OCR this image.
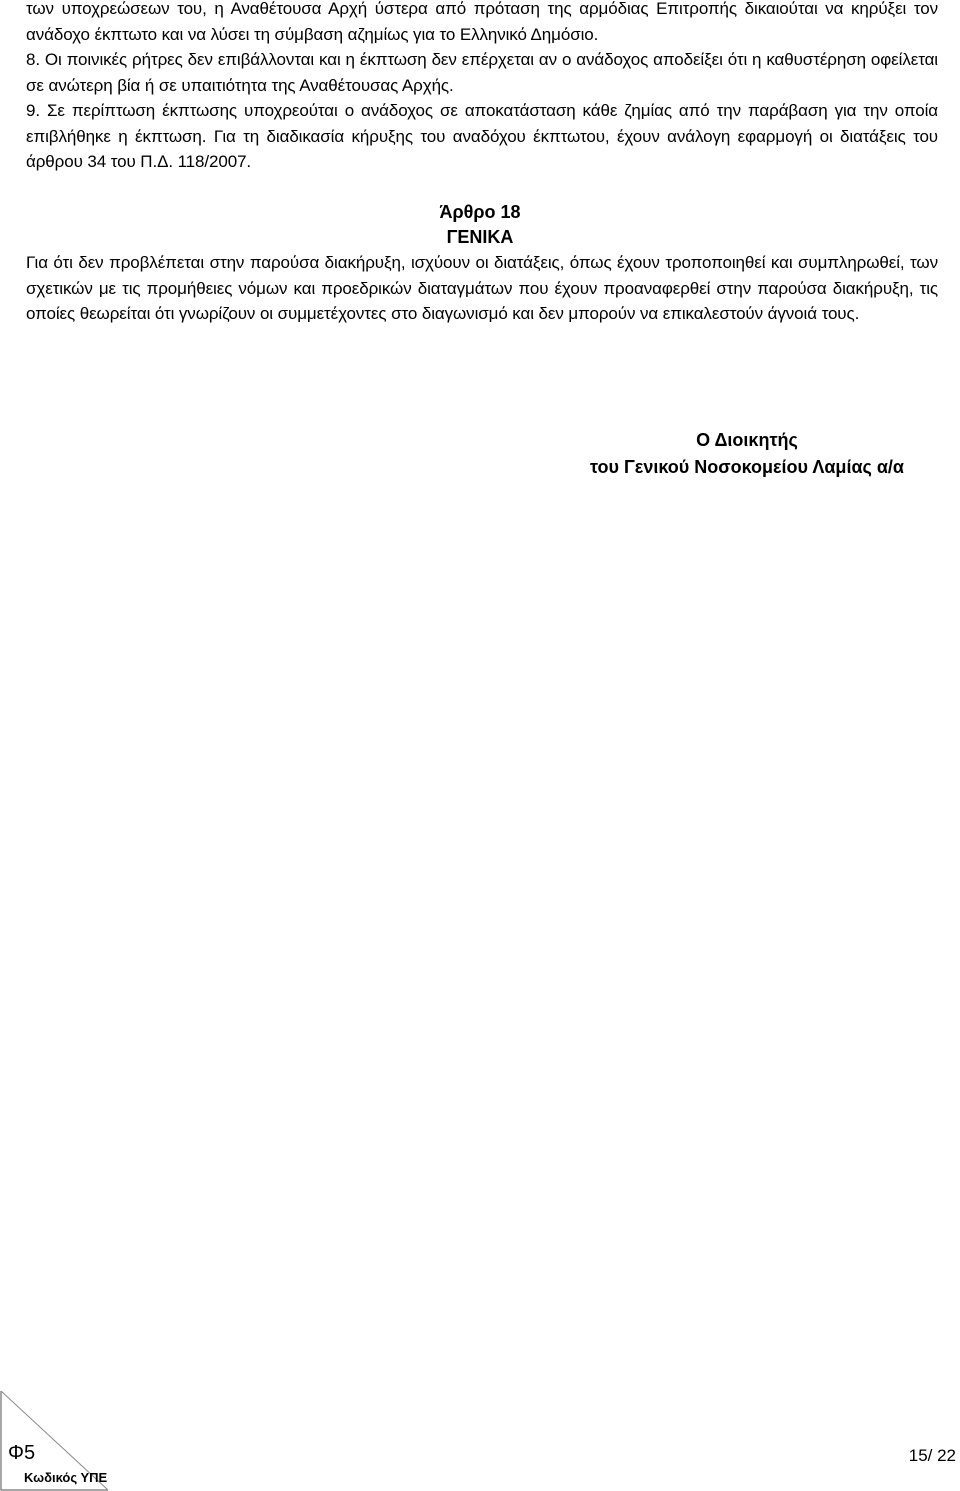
των υποχρεώσεων του, η Αναθέτουσα Αρχή ύστερα από πρόταση της αρμόδιας Επιτροπής δικαιούται να κηρύξει τον ανάδοχο έκπτωτο και να λύσει τη σύμβαση αζημίως για το Ελληνικό Δημόσιο.

8. Οι ποινικές ρήτρες δεν επιβάλλονται και η έκπτωση δεν επέρχεται αν ο ανάδοχος αποδείξει ότι η καθυστέρηση οφείλεται σε ανώτερη βία ή σε υπαιτιότητα της Αναθέτουσας Αρχής.

9. Σε περίπτωση έκπτωσης υποχρεούται ο ανάδοχος σε αποκατάσταση κάθε ζημίας από την παράβαση για την οποία επιβλήθηκε η έκπτωση. Για τη διαδικασία κήρυξης του αναδόχου έκπτωτου, έχουν ανάλογη εφαρμογή οι διατάξεις του άρθρου 34 του Π.Δ. 118/2007.

Άρθρο 18
ΓΕΝΙΚΑ

Για ότι δεν προβλέπεται στην παρούσα διακήρυξη, ισχύουν οι διατάξεις, όπως έχουν τροποποιηθεί και συμπληρωθεί, των σχετικών με τις προμήθειες νόμων και προεδρικών διαταγμάτων που έχουν προαναφερθεί στην παρούσα διακήρυξη, τις οποίες θεωρείται ότι γνωρίζουν οι συμμετέχοντες στο διαγωνισμό και δεν μπορούν να επικαλεστούν άγνοιά τους.

Ο Διοικητής
του Γενικού Νοσοκομείου Λαμίας α/α
Φ5
Κωδικός ΥΠΕ
15/ 22
